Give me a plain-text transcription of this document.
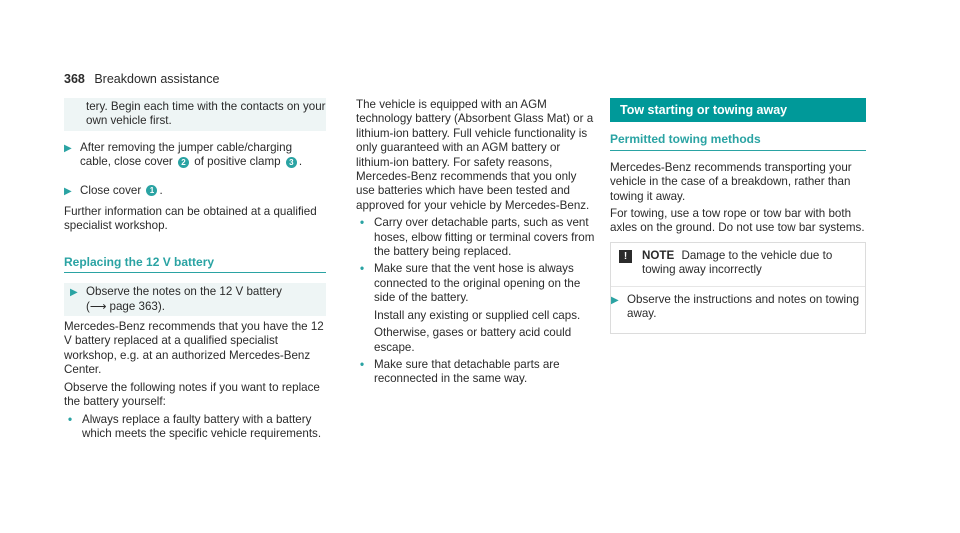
368 Breakdown assistance
tery. Begin each time with the contacts on your own vehicle first.
▶ After removing the jumper cable/charging cable, close cover 2 of positive clamp 3 .
▶ Close cover 1 .

Further information can be obtained at a qualified specialist workshop.

Replacing the 12 V battery
▶ Observe the notes on the 12 V battery
(⟶ page 363).

Mercedes-Benz recommends that you have the 12 V battery replaced at a qualified specialist workshop, e.g. at an authorized Mercedes-Benz Center.

Observe the following notes if you want to replace the battery yourself:

• Always replace a faulty battery with a battery which meets the specific vehicle requirements.

The vehicle is equipped with an AGM technology battery (Absorbent Glass Mat) or a lithium-ion battery. Full vehicle functionality is only guaranteed with an AGM battery or lithium-ion battery. For safety reasons, Mercedes-Benz recommends that you only use batteries which have been tested and approved for your vehicle by Mercedes-Benz.

• Carry over detachable parts, such as vent hoses, elbow fitting or terminal covers from the battery being replaced.
• Make sure that the vent hose is always connected to the original opening on the side of the battery.

Install any existing or supplied cell caps.

Otherwise, gases or battery acid could escape.

• Make sure that detachable parts are reconnected in the same way.
Tow starting or towing away
Permitted towing methods

Mercedes-Benz recommends transporting your vehicle in the case of a breakdown, rather than towing it away.

For towing, use a tow rope or tow bar with both axles on the ground. Do not use tow bar systems.

!	NOTE Damage to the vehicle due to towing away incorrectly
▶ Observe the instructions and notes on towing away.
